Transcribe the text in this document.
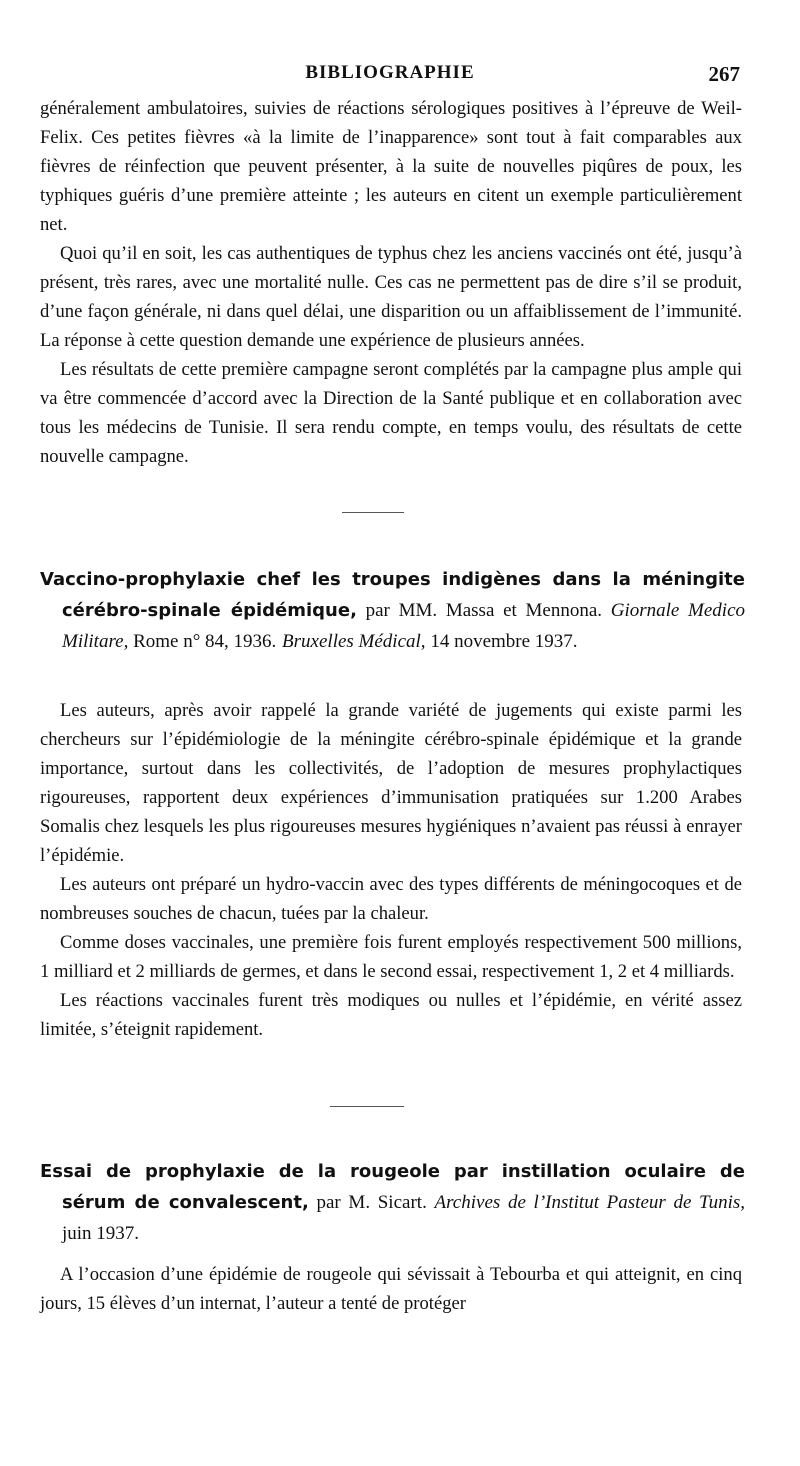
BIBLIOGRAPHIE	267

généralement ambulatoires, suivies de réactions sérologiques positives à l’épreuve de Weil-Felix. Ces petites fièvres «à la limite de l’inapparence» sont tout à fait comparables aux fièvres de réinfection que peuvent présenter, à la suite de nouvelles piqûres de poux, les typhiques guéris d’une première atteinte ; les auteurs en citent un exemple particulièrement net.

Quoi qu’il en soit, les cas authentiques de typhus chez les anciens vaccinés ont été, jusqu’à présent, très rares, avec une mortalité nulle. Ces cas ne permettent pas de dire s’il se produit, d’une façon générale, ni dans quel délai, une disparition ou un affaiblissement de l’immunité. La réponse à cette question demande une expérience de plusieurs années.

Les résultats de cette première campagne seront complétés par la campagne plus ample qui va être commencée d’accord avec la Direction de la Santé publique et en collaboration avec tous les médecins de Tunisie. Il sera rendu compte, en temps voulu, des résultats de cette nouvelle campagne.

Vaccino-prophylaxie chef les troupes indigènes dans la méningite cérébro-spinale épidémique, par MM. Massa et Mennona. Giornale Medico Militare, Rome n° 84, 1936. Bruxelles Médical, 14 novembre 1937.

Les auteurs, après avoir rappelé la grande variété de jugements qui existe parmi les chercheurs sur l’épidémiologie de la méningite cérébro-spinale épidémique et la grande importance, surtout dans les collectivités, de l’adoption de mesures prophylactiques rigoureuses, rapportent deux expériences d’immunisation pratiquées sur 1.200 Arabes Somalis chez lesquels les plus rigoureuses mesures hygiéniques n’avaient pas réussi à enrayer l’épidémie.

Les auteurs ont préparé un hydro-vaccin avec des types différents de méningocoques et de nombreuses souches de chacun, tuées par la chaleur.

Comme doses vaccinales, une première fois furent employés respectivement 500 millions, 1 milliard et 2 milliards de germes, et dans le second essai, respectivement 1, 2 et 4 milliards.

Les réactions vaccinales furent très modiques ou nulles et l’épidémie, en vérité assez limitée, s’éteignit rapidement.

Essai de prophylaxie de la rougeole par instillation oculaire de sérum de convalescent, par M. Sicart. Archives de l’Institut Pasteur de Tunis, juin 1937.

A l’occasion d’une épidémie de rougeole qui sévissait à Tebourba et qui atteignit, en cinq jours, 15 élèves d’un internat, l’auteur a tenté de protéger
